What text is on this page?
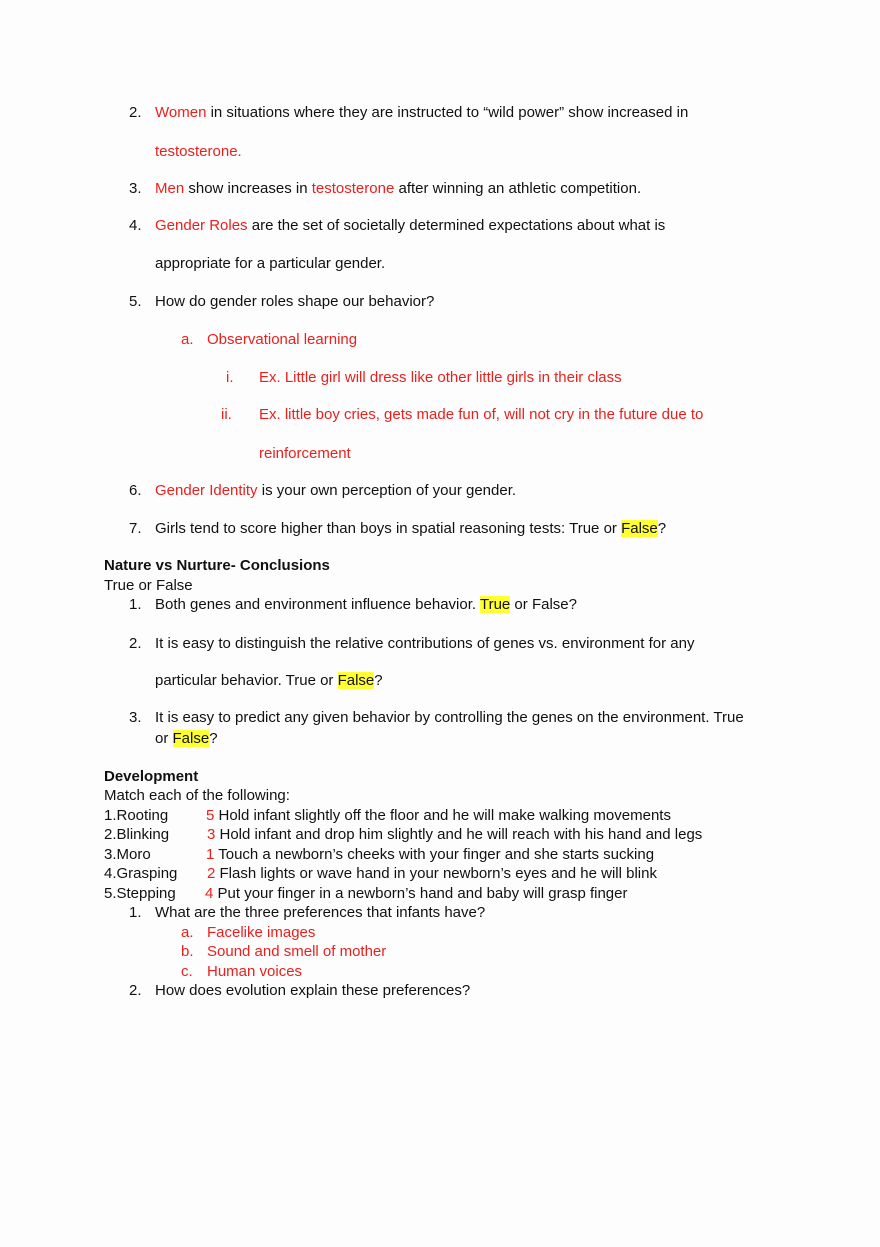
2. Women in situations where they are instructed to “wild power” show increased in
testosterone.
3. Men show increases in testosterone after winning an athletic competition.
4. Gender Roles are the set of societally determined expectations about what is
appropriate for a particular gender.
5. How do gender roles shape our behavior?
a. Observational learning
i. Ex. Little girl will dress like other little girls in their class
ii. Ex. little boy cries, gets made fun of, will not cry in the future due to
reinforcement
6. Gender Identity is your own perception of your gender.
7. Girls tend to score higher than boys in spatial reasoning tests: True or False?
Nature vs Nurture- Conclusions
True or False
1. Both genes and environment influence behavior. True or False?
2. It is easy to distinguish the relative contributions of genes vs. environment for any
particular behavior. True or False?
3. It is easy to predict any given behavior by controlling the genes on the environment. True
or False?
Development
Match each of the following:
1.Rooting	5 Hold infant slightly off the floor and he will make walking movements
2.Blinking	3 Hold infant and drop him slightly and he will reach with his hand and legs
3.Moro	1 Touch a newborn’s cheeks with your finger and she starts sucking
4.Grasping 2 Flash lights or wave hand in your newborn’s eyes and he will blink
5.Stepping 4 Put your finger in a newborn’s hand and baby will grasp finger
1. What are the three preferences that infants have?
a. Facelike images
b. Sound and smell of mother
c. Human voices
2. How does evolution explain these preferences?
